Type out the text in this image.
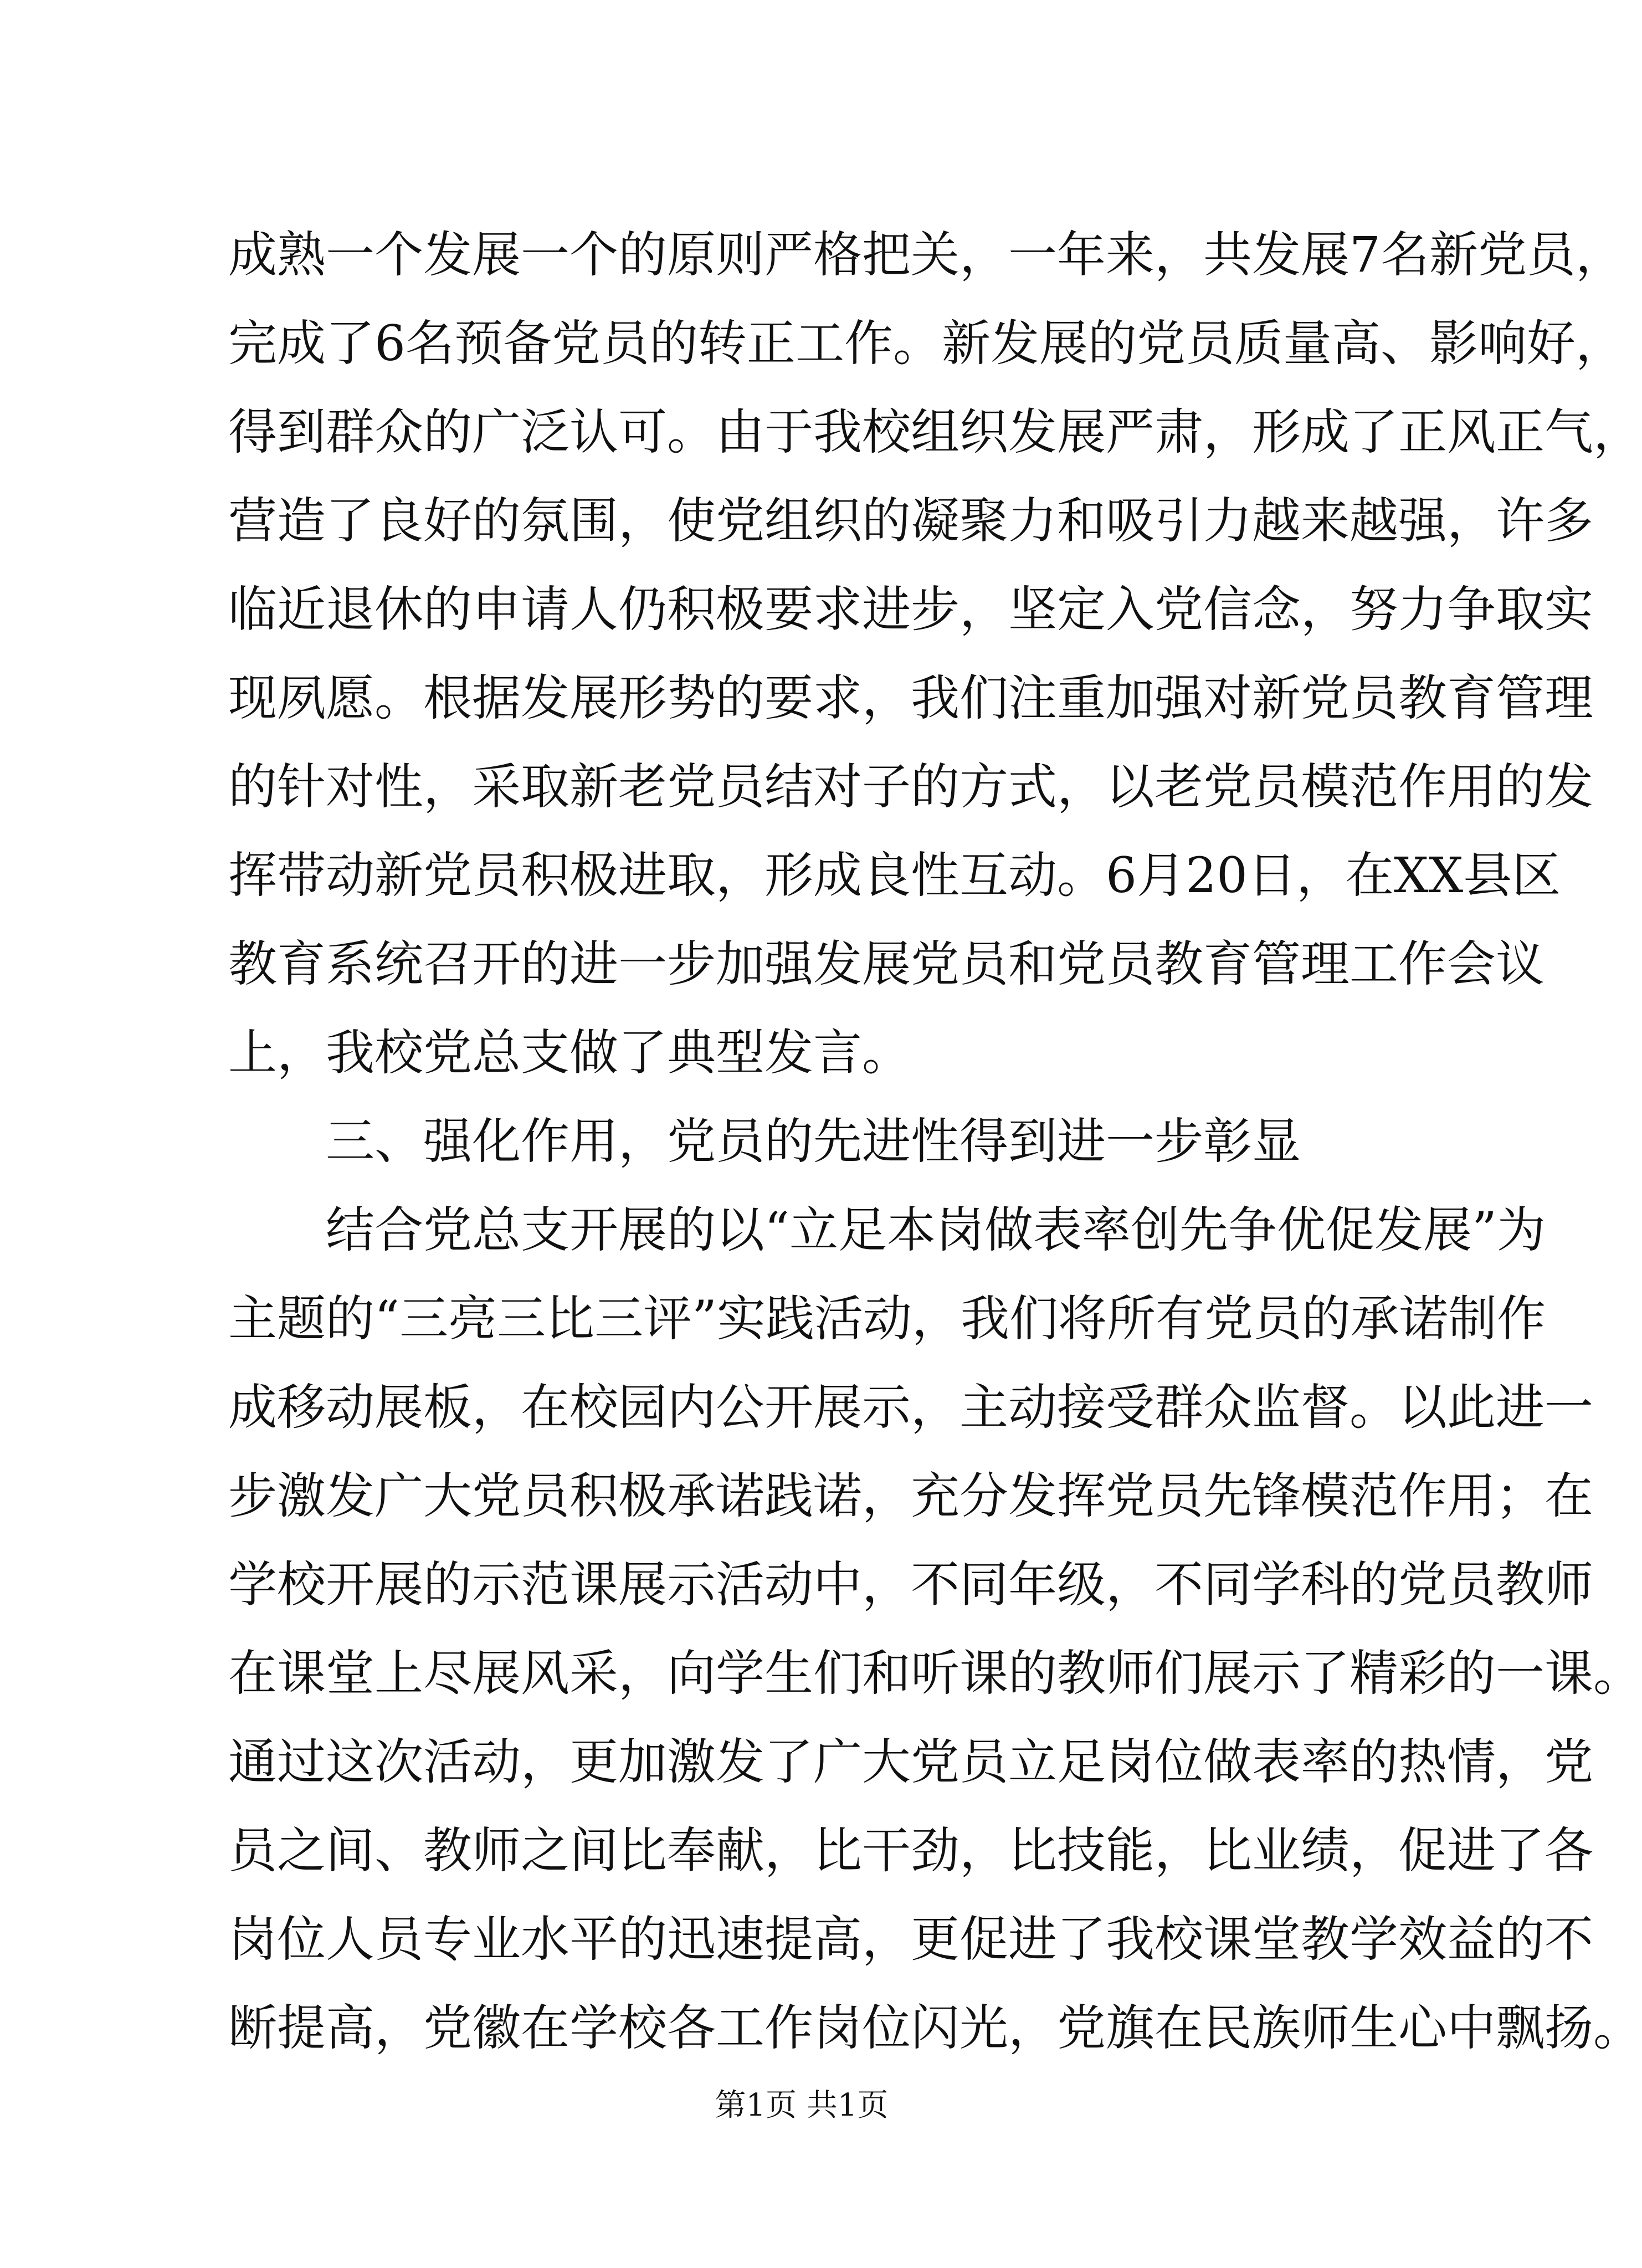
成熟一个发展一个的原则严格把关，一年来，共发展7名新党员，
完成了6名预备党员的转正工作。新发展的党员质量高、影响好，
得到群众的广泛认可。由于我校组织发展严肃，形成了正风正气，
营造了良好的氛围，使党组织的凝聚力和吸引力越来越强，许多
临近退休的申请人仍积极要求进步，坚定入党信念，努力争取实
现夙愿。根据发展形势的要求，我们注重加强对新党员教育管理
的针对性，采取新老党员结对子的方式，以老党员模范作用的发
挥带动新党员积极进取，形成良性互动。6月20日，在XX县区
教育系统召开的进一步加强发展党员和党员教育管理工作会议
上，我校党总支做了典型发言。
三、强化作用，党员的先进性得到进一步彰显
结合党总支开展的以“立足本岗做表率创先争优促发展”为
主题的“三亮三比三评”实践活动，我们将所有党员的承诺制作
成移动展板，在校园内公开展示，主动接受群众监督。以此进一
步激发广大党员积极承诺践诺，充分发挥党员先锋模范作用；在
学校开展的示范课展示活动中，不同年级，不同学科的党员教师
在课堂上尽展风采，向学生们和听课的教师们展示了精彩的一课。
通过这次活动，更加激发了广大党员立足岗位做表率的热情，党
员之间、教师之间比奉献，比干劲，比技能，比业绩，促进了各
岗位人员专业水平的迅速提高，更促进了我校课堂教学效益的不
断提高，党徽在学校各工作岗位闪光，党旗在民族师生心中飘扬。
第1页 共1页
